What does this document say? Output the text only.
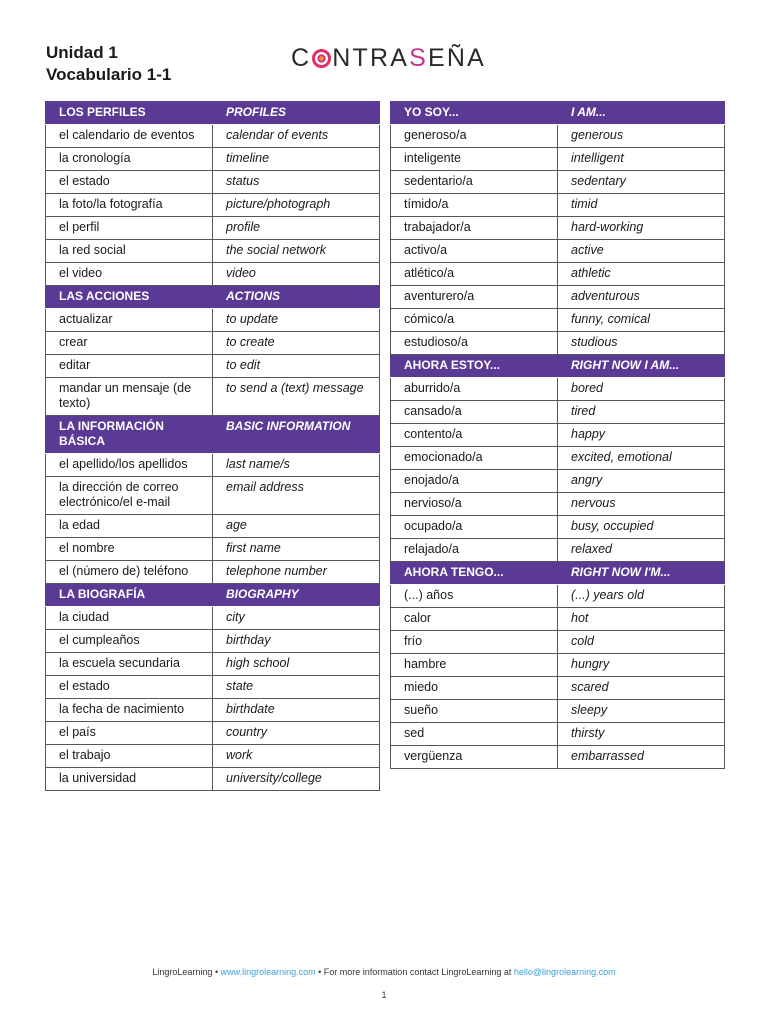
Unidad 1
Vocabulario 1-1
C NTRA S EÑA
LOS PERFILES	PROFILES
el calendario de eventos	calendar of events
la cronología	timeline
el estado	status
la foto/la fotografía	picture/photograph
el perfil	profile
la red social	the social network
el video	video
LAS ACCIONES	ACTIONS
actualizar	to update
crear	to create
editar	to edit
mandar un mensaje (de texto)	to send a (text) message
LA INFORMACIÓN BÁSICA	BASIC INFORMATION
el apellido/los apellidos	last name/s
la dirección de correo electrónico/el e-mail	email address
la edad	age
el nombre	first name
el (número de) teléfono	telephone number
LA BIOGRAFÍA	BIOGRAPHY
la ciudad	city
el cumpleaños	birthday
la escuela secundaria	high school
el estado	state
la fecha de nacimiento	birthdate
el país	country
el trabajo	work
la universidad	university/college
YO SOY...	I AM...
generoso/a	generous
inteligente	intelligent
sedentario/a	sedentary
tímido/a	timid
trabajador/a	hard-working
activo/a	active
atlético/a	athletic
aventurero/a	adventurous
cómico/a	funny, comical
estudioso/a	studious
AHORA ESTOY...	RIGHT NOW I AM...
aburrido/a	bored
cansado/a	tired
contento/a	happy
emocionado/a	excited, emotional
enojado/a	angry
nervioso/a	nervous
ocupado/a	busy, occupied
relajado/a	relaxed
AHORA TENGO...	RIGHT NOW I'M...
(...) años	(...) years old
calor	hot
frío	cold
hambre	hungry
miedo	scared
sueño	sleepy
sed	thirsty
vergüenza	embarrassed
LingroLearning • www.lingrolearning.com • For more information contact LingroLearning at hello@lingrolearning.com
1
